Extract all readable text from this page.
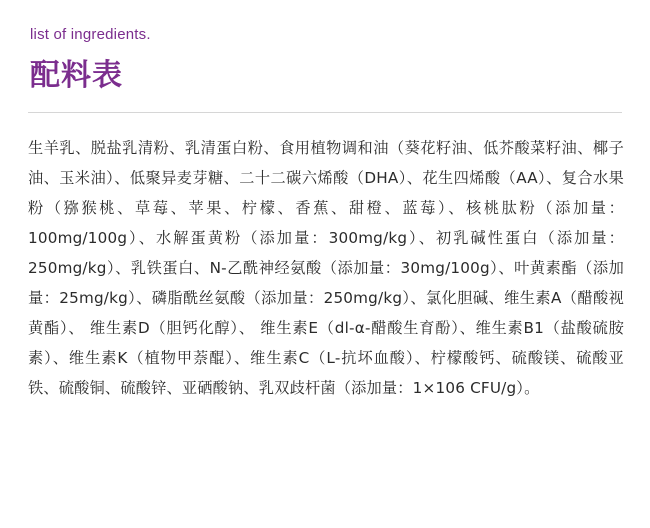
list of ingredients.
配料表

生羊乳、脱盐乳清粉、乳清蛋白粉、食用植物调和油（葵花籽油、低芥酸菜籽油、椰子油、玉米油）、低聚异麦芽糖、二十二碳六烯酸（DHA）、花生四烯酸（AA）、复合水果粉（猕猴桃、草莓、苹果、柠檬、香蕉、甜橙、蓝莓）、核桃肽粉（添加量：100mg/100g）、水解蛋黄粉（添加量：300mg/kg）、初乳碱性蛋白（添加量：250mg/kg）、乳铁蛋白、N-乙酰神经氨酸（添加量：30mg/100g）、叶黄素酯（添加量：25mg/kg）、磷脂酰丝氨酸（添加量：250mg/kg）、氯化胆碱、维生素A（醋酸视黄酯）、 维生素D（胆钙化醇）、 维生素E（dl-α-醋酸生育酚）、维生素B1（盐酸硫胺素）、维生素K（植物甲萘醌）、维生素C（L-抗坏血酸）、柠檬酸钙、硫酸镁、硫酸亚铁、硫酸铜、硫酸锌、亚硒酸钠、乳双歧杆菌（添加量：1×106 CFU/g）。
